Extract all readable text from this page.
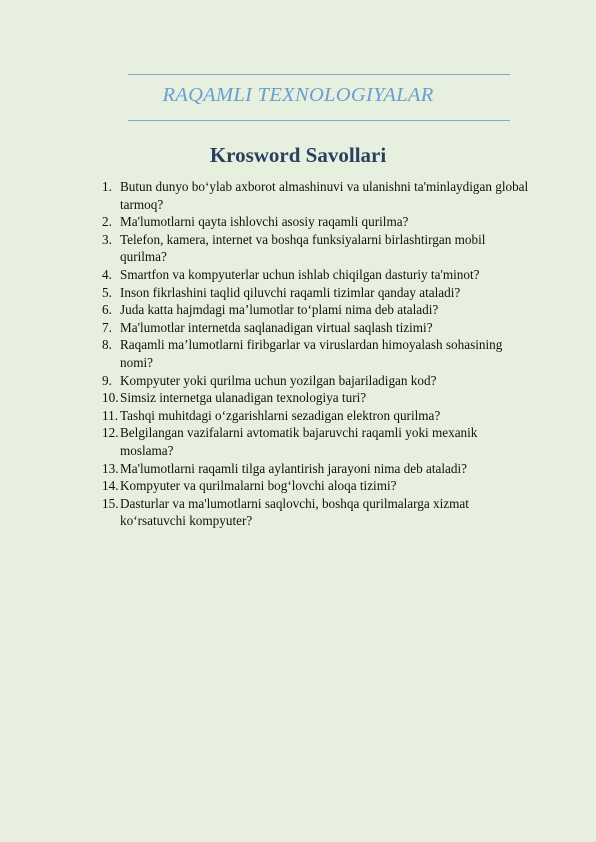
RAQAMLI TEXNOLOGIYALAR
Krosword Savollari
1. Butun dunyo bo‘ylab axborot almashinuvi va ulanishni ta'minlaydigan global tarmoq?
2. Ma'lumotlarni qayta ishlovchi asosiy raqamli qurilma?
3. Telefon, kamera, internet va boshqa funksiyalarni birlashtirgan mobil qurilma?
4. Smartfon va kompyuterlar uchun ishlab chiqilgan dasturiy ta'minot?
5. Inson fikrlashini taqlid qiluvchi raqamli tizimlar qanday ataladi?
6. Juda katta hajmdagi ma’lumotlar to‘plami nima deb ataladi?
7. Ma'lumotlar internetda saqlanadigan virtual saqlash tizimi?
8. Raqamli ma’lumotlarni firibgarlar va viruslardan himoyalash sohasining nomi?
9. Kompyuter yoki qurilma uchun yozilgan bajariladigan kod?
10. Simsiz internetga ulanadigan texnologiya turi?
11. Tashqi muhitdagi o‘zgarishlarni sezadigan elektron qurilma?
12. Belgilangan vazifalarni avtomatik bajaruvchi raqamli yoki mexanik moslama?
13. Ma'lumotlarni raqamli tilga aylantirish jarayoni nima deb ataladi?
14. Kompyuter va qurilmalarni bog‘lovchi aloqa tizimi?
15. Dasturlar va ma'lumotlarni saqlovchi, boshqa qurilmalarga xizmat ko‘rsatuvchi kompyuter?
